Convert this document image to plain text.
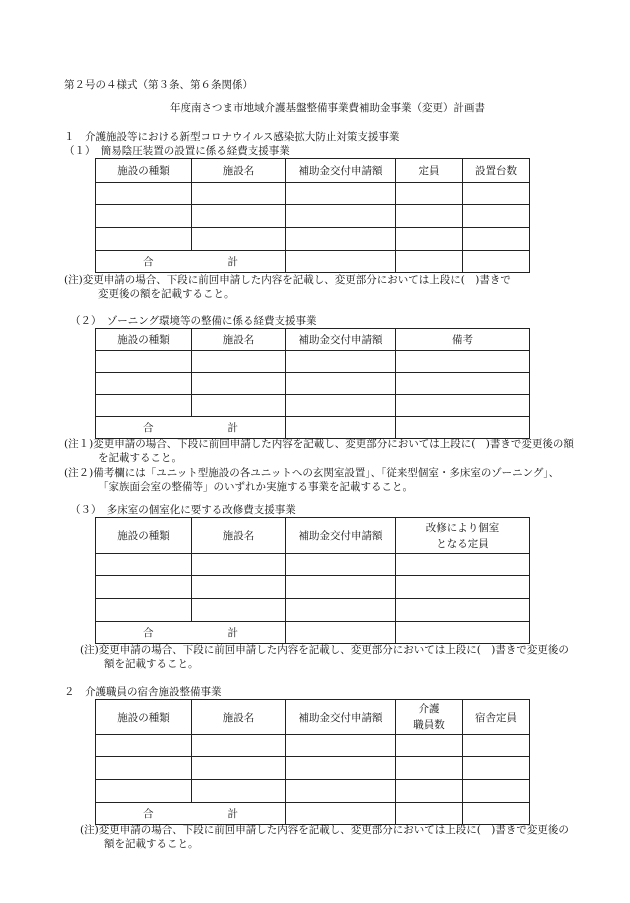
第２号の４様式（第３条、第６条関係）
年度南さつま市地域介護基盤整備事業費補助金事業（変更）計画書
１　介護施設等における新型コロナウイルス感染拡大防止対策支援事業
（１）　簡易陰圧装置の設置に係る経費支援事業
施設の種類	施設名	補助金交付申請額	定員	設置台数

合 計				
(注)変更申請の場合、下段に前回申請した内容を記載し、変更部分においては上段に(　)書きで
変更後の額を記載すること。
（２）　ゾーニング環境等の整備に係る経費支援事業
施設の種類	施設名	補助金交付申請額	備考

合 計			
(注１)変更申請の場合、下段に前回申請した内容を記載し、変更部分においては上段に(　)書きで変更後の額を記載すること。
(注２)備考欄には「ユニット型施設の各ユニットへの玄関室設置」、「従来型個室・多床室のゾーニング」、「家族面会室の整備等」のいずれか実施する事業を記載すること。
（３）　多床室の個室化に要する改修費支援事業
施設の種類	施設名	補助金交付申請額	改修により個室
となる定員

合 計			
(注)変更申請の場合、下段に前回申請した内容を記載し、変更部分においては上段に(　)書きで変更後の額を記載すること。
２　介護職員の宿舎施設整備事業
施設の種類	施設名	補助金交付申請額	介護
職員数	宿舎定員

合 計				
(注)変更申請の場合、下段に前回申請した内容を記載し、変更部分においては上段に(　)書きで変更後の額を記載すること。
